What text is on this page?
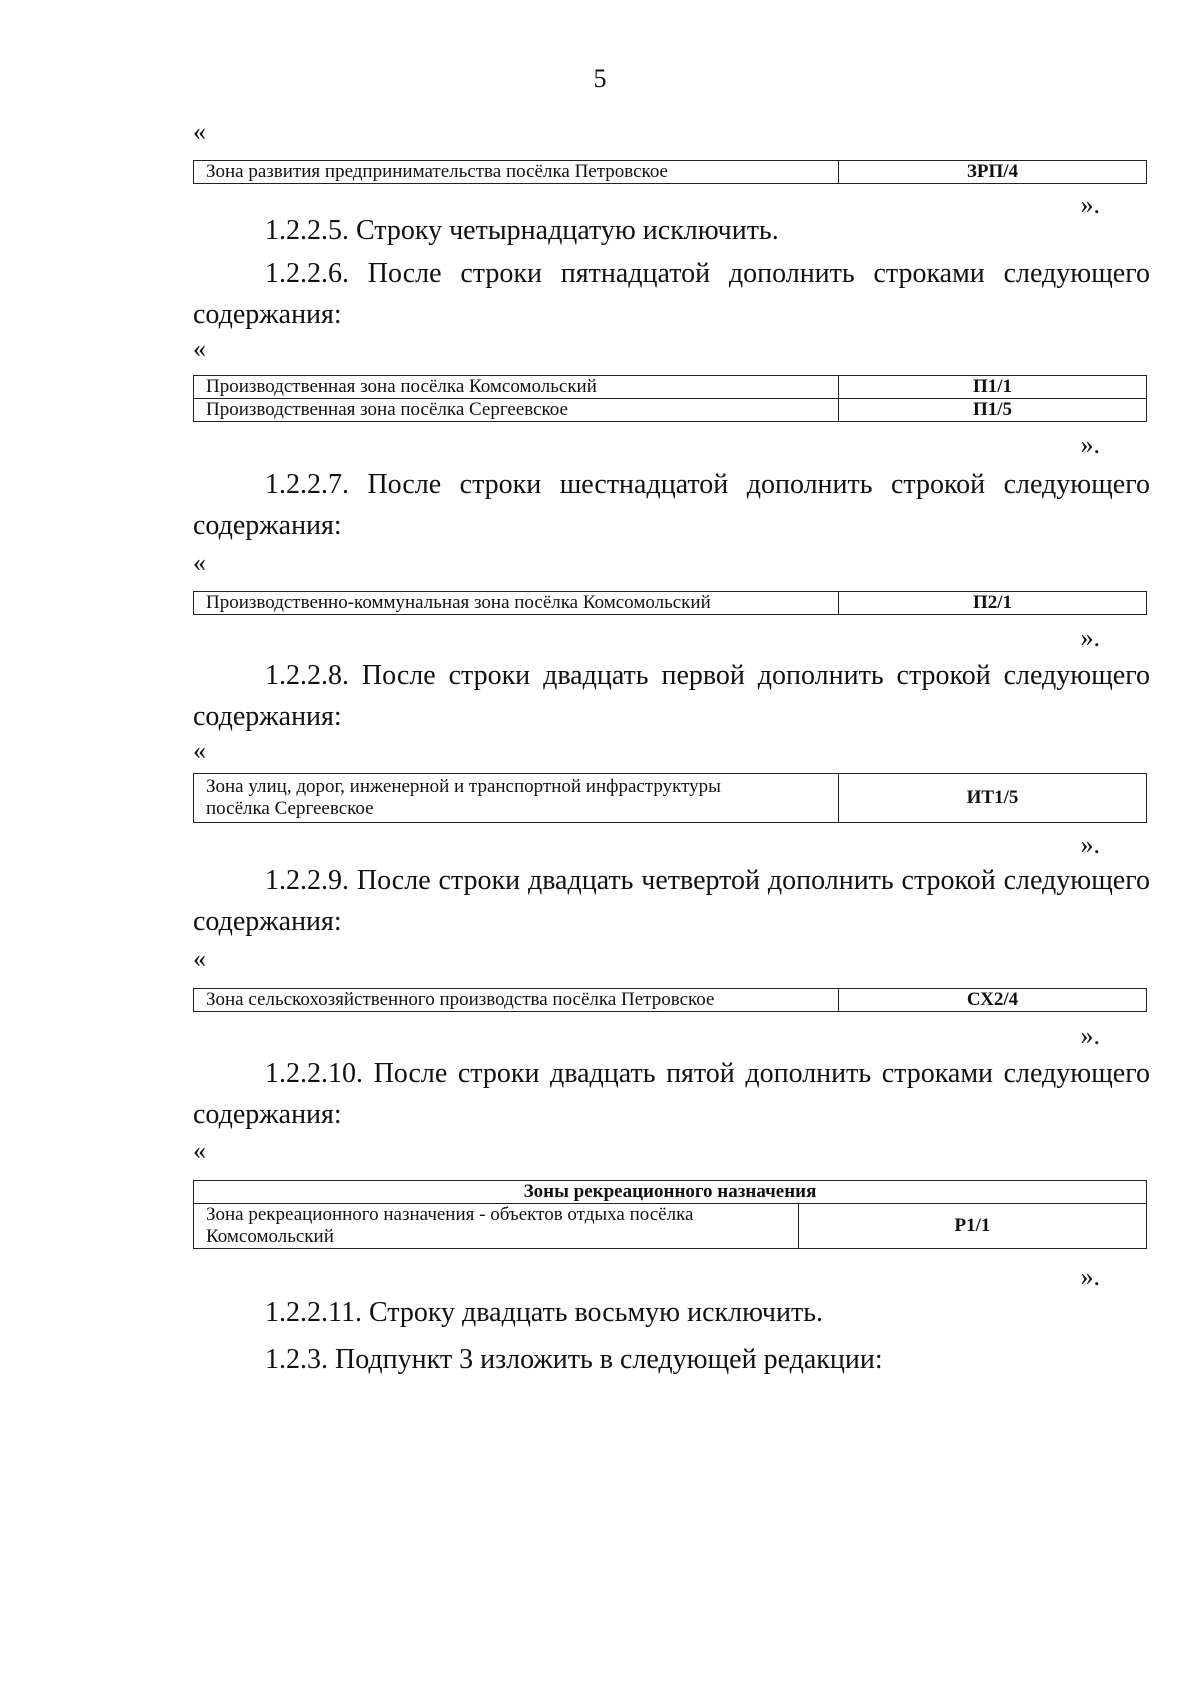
5
«
Зона развития предпринимательства посёлка Петровское	ЗРП/4
».

1.2.2.5. Строку четырнадцатую исключить.

1.2.2.6. После строки пятнадцатой дополнить строками следующего содержания:

«
Производственная зона посёлка Комсомольский	П1/1
Производственная зона посёлка Сергеевское	П1/5
».

1.2.2.7. После строки шестнадцатой дополнить строкой следующего содержания:

«
Производственно-коммунальная зона посёлка Комсомольский	П2/1
».

1.2.2.8. После строки двадцать первой дополнить строкой следующего содержания:

«
Зона улиц, дорог, инженерной и транспортной инфраструктуры
посёлка Сергеевское
	ИТ1/5
».

1.2.2.9. После строки двадцать четвертой дополнить строкой следующего содержания:

«
Зона сельскохозяйственного производства посёлка Петровское	СХ2/4
».

1.2.2.10. После строки двадцать пятой дополнить строками следующего содержания:

«
Зоны рекреационного назначения

Зона рекреационного назначения - объектов отдыха посёлка
Комсомольский
	Р1/1
».

1.2.2.11. Строку двадцать восьмую исключить.

1.2.3. Подпункт 3 изложить в следующей редакции:
